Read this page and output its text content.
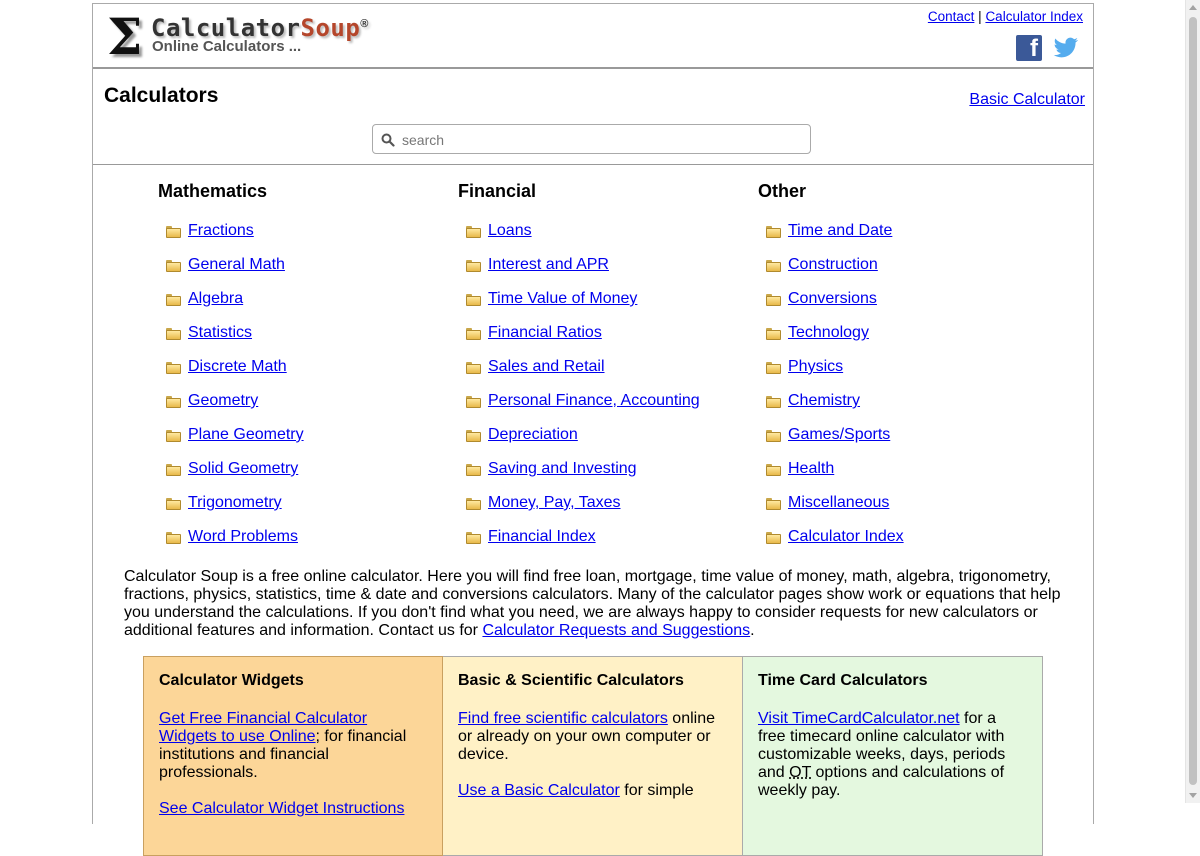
Σ CalculatorSoup®
Online Calculators ...
Contact | Calculator Index
f
Calculators	Basic Calculator
search
Mathematics
Fractions
General Math
Algebra
Statistics
Discrete Math
Geometry
Plane Geometry
Solid Geometry
Trigonometry
Word Problems
Financial
Loans
Interest and APR
Time Value of Money
Financial Ratios
Sales and Retail
Personal Finance, Accounting
Depreciation
Saving and Investing
Money, Pay, Taxes
Financial Index
Other
Time and Date
Construction
Conversions
Technology
Physics
Chemistry
Games/Sports
Health
Miscellaneous
Calculator Index
Calculator Soup is a free online calculator. Here you will find free loan, mortgage, time value of money, math, algebra, trigonometry, fractions, physics, statistics, time & date and conversions calculators. Many of the calculator pages show work or equations that help you understand the calculations. If you don't find what you need, we are always happy to consider requests for new calculators or additional features and information. Contact us for Calculator Requests and Suggestions.
Calculator Widgets

Get Free Financial Calculator Widgets to use Online; for financial institutions and financial professionals.

See Calculator Widget Instructions

Basic & Scientific Calculators

Find free scientific calculators online or already on your own computer or device.

Use a Basic Calculator for simple

Time Card Calculators

Visit TimeCardCalculator.net for a free timecard online calculator with customizable weeks, days, periods and OT options and calculations of weekly pay.
